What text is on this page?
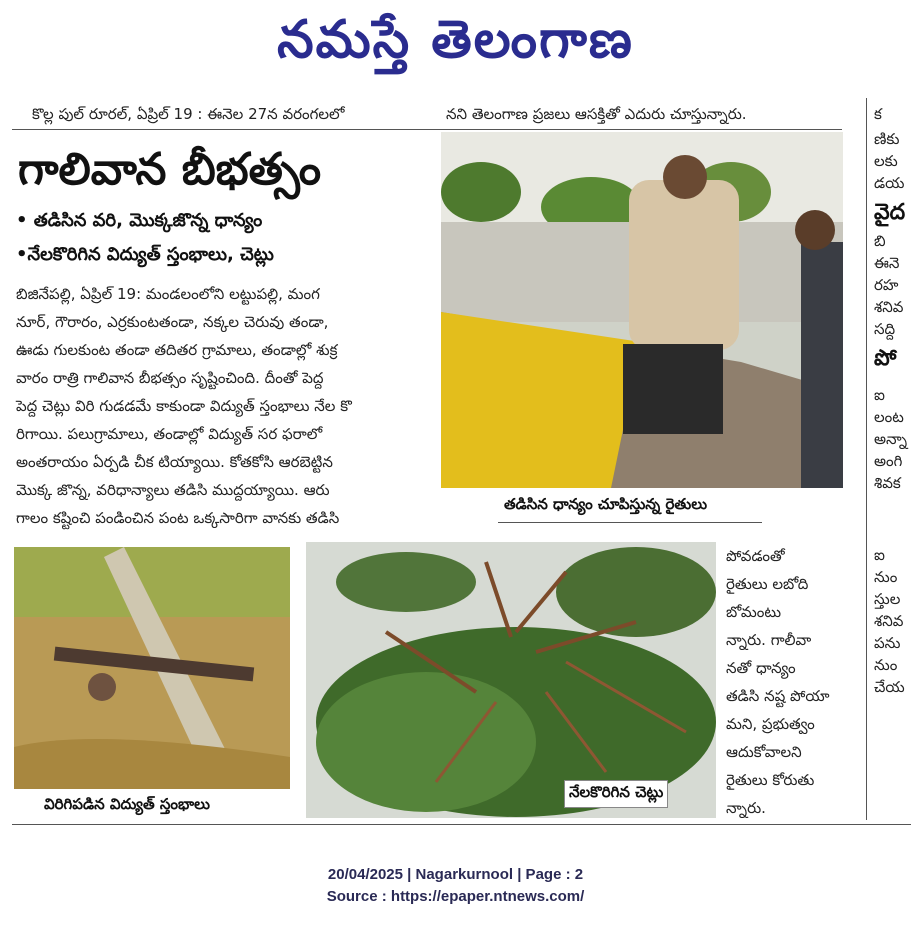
నమస్తే తెలంగాణ
కొల్ల పుల్ రూరల్, ఏప్రిల్ 19 : ఈనెల 27న వరంగలలో	నని తెలంగాణ ప్రజలు ఆసక్తితో ఎదురు చూస్తున్నారు.
గాలివాన బీభత్సం
• తడిసిన వరి, మొక్కజొన్న ధాన్యం
•నేలకొరిగిన విద్యుత్ స్తంభాలు, చెట్లు
బిజినేపల్లి, ఏప్రిల్ 19: మండలంలోని లట్టుపల్లి, మంగ
నూర్, గౌరారం, ఎర్రకుంటతండా, నక్కల చెరువు తండా,
ఊడు గులకుంట తండా తదితర గ్రామాలు, తండాల్లో శుక్ర
వారం రాత్రి గాలివాన బీభత్సం సృష్టించింది. దీంతో పెద్ద
పెద్ద చెట్లు విరి గుడడమే కాకుండా విద్యుత్ స్తంభాలు నేల కొ
రిగాయి. పలుగ్రామాలు, తండాల్లో విద్యుత్ సర ఫరాలో
అంతరాయం ఏర్పడి చీక టియ్యాయి. కోతకోసి ఆరబెట్టిన
మొక్క జొన్న, వరిధాన్యాలు తడిసి ముద్దయ్యాయి. ఆరు
గాలం కష్టించి పండించిన పంట ఒక్కసారిగా వానకు తడిసి
తడిసిన ధాన్యం చూపిస్తున్న రైతులు
విరిగిపడిన విద్యుత్ స్తంభాలు
నేలకొరిగిన చెట్లు
పోవడంతో
రైతులు లబోది
బోమంటు
న్నారు. గాలీవా
నతో ధాన్యం
తడిసి నష్ట పోయా
మని, ప్రభుత్వం
ఆదుకోవాలని
రైతులు కోరుతు
న్నారు.
క
ణికు
లకు
డయ
వైద
బి
ఈనె
రహ
శనివ
సద్ది
పో
ఐ
లంట
అన్నా
అంగి
శివక
ఐ
నుం
స్తుల
శనివ
పను
నుం
చేయ
20/04/2025 | Nagarkurnool | Page : 2
Source : https://epaper.ntnews.com/
